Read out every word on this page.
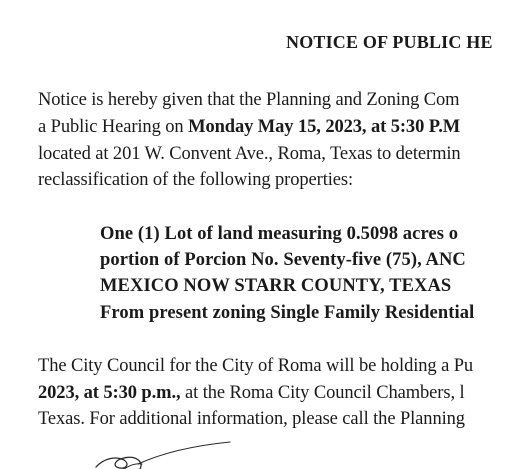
NOTICE OF PUBLIC HE
Notice is hereby given that the Planning and Zoning Com
a Public Hearing on Monday May 15, 2023, at 5:30 P.M
located at 201 W. Convent Ave., Roma, Texas to determin
reclassification of the following properties:
One (1) Lot of land measuring 0.5098 acres o
portion of Porcion No. Seventy-five (75), ANC
MEXICO NOW STARR COUNTY, TEXAS
From present zoning Single Family Residential
The City Council for the City of Roma will be holding a Pu
2023, at 5:30 p.m., at the Roma City Council Chambers, l
Texas. For additional information, please call the Planning
